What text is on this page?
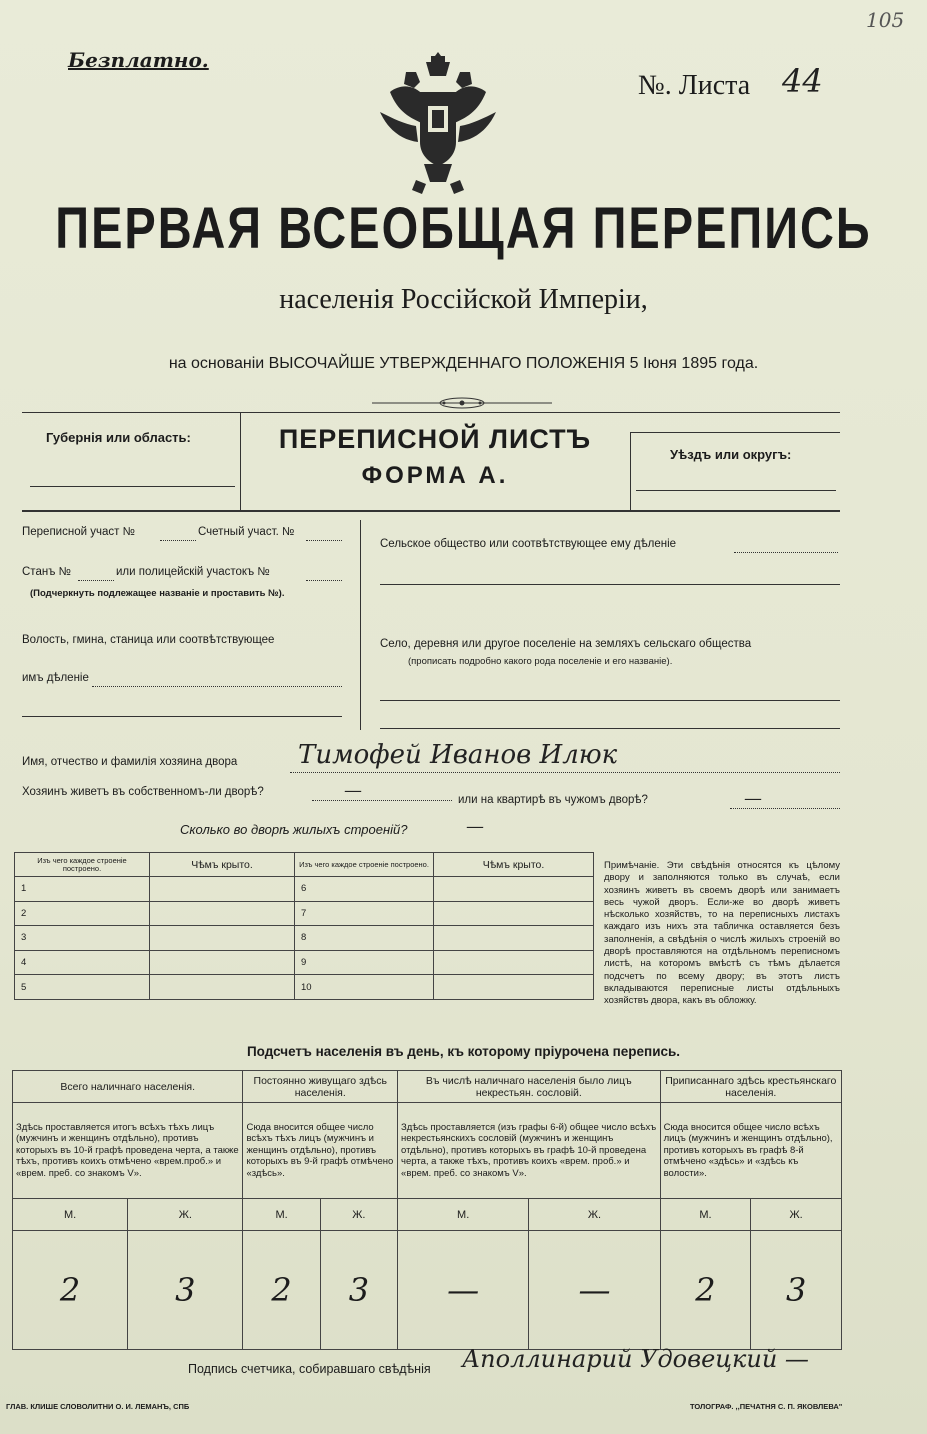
Безплатно.
105
№. Листа 44
ПЕРВАЯ ВСЕОБЩАЯ ПЕРЕПИСЬ
населенія Россійской Имперіи,
на основаніи ВЫСОЧАЙШЕ УТВЕРЖДЕННАГО ПОЛОЖЕНІЯ 5 Іюня 1895 года.
Губернія или область:	ПЕРЕПИСНОЙ ЛИСТЪ
ФОРМА А.
Уѣздъ или округъ:
Переписной участ №	Счетный участ. №
Станъ №	или полицейскій участокъ №
(Подчеркнуть подлежащее названіе и проставить №).
Волость, гмина, станица или соотвѣтствующее
имъ дѣленіе
Сельское общество или соотвѣтствующее ему дѣленіе
Село, деревня или другое поселеніе на земляхъ сельскаго общества
(прописать подробно какого рода поселеніе и его названіе).
Имя, отчество и фамилія хозяина двора Тимофей Иванов Илюк
Хозяинъ живетъ въ собственномъ-ли дворѣ?	—	или на квартирѣ въ чужомъ дворѣ?	—
Сколько во дворѣ жилыхъ строеній?	—
Изъ чего каждое строеніе построено.	Чѣмъ крыто.	Изъ чего каждое строеніе построено.	Чѣмъ крыто.
1		6	
2		7	
3		8	
4		9	
5		10	
Примѣчаніе. Эти свѣдѣнія относятся къ цѣлому двору и заполняются только въ случаѣ, если хозяинъ живетъ въ своемъ дворѣ или занимаетъ весь чужой дворъ. Если-же во дворѣ живетъ нѣсколько хозяйствъ, то на переписныхъ листахъ каждаго изъ нихъ эта табличка оставляется безъ заполненія, а свѣдѣнія о числѣ жилыхъ строеній во дворѣ проставляются на отдѣльномъ переписномъ листѣ, на которомъ вмѣстѣ съ тѣмъ дѣлается подсчетъ по всему двору; въ этотъ листъ вкладываются переписные листы отдѣльныхъ хозяйствъ двора, какъ въ обложку.
Подсчетъ населенія въ день, къ которому пріурочена перепись.
Всего наличнаго населенія.		Постоянно живущаго здѣсь населенія.		Въ числѣ наличнаго населенія было лицъ некрестьян. сословій.		Приписаннаго здѣсь крестьянскаго населенія.	
Здѣсь проставляется итогъ всѣхъ тѣхъ лицъ (мужчинъ и женщинъ отдѣльно), противъ которыхъ въ 10-й графѣ проведена черта, а также тѣхъ, противъ коихъ отмѣчено «врем.проб.» и «врем. преб. со знакомъ V».		Сюда вносится общее число всѣхъ тѣхъ лицъ (мужчинъ и женщинъ отдѣльно), противъ которыхъ въ 9-й графѣ отмѣчено «здѣсь».		Здѣсь проставляется (изъ графы 6-й) общее число всѣхъ некрестьянскихъ сословій (мужчинъ и женщинъ отдѣльно), противъ которыхъ въ графѣ 10-й проведена черта, а также тѣхъ, противъ коихъ «врем. проб.» и «врем. преб. со знакомъ V».		Сюда вносится общее число всѣхъ лицъ (мужчинъ и женщинъ отдѣльно), противъ которыхъ въ графѣ 8-й отмѣчено «здѣсь» и «здѣсь къ волости».	
М.	Ж.	М.	Ж.	М.	Ж.	М.	Ж.
2	3	2	3	—	—	2	3
Подпись счетчика, собиравшаго свѣдѣнія Аполлинарий Удовецкий —
ГЛАВ. КЛИШЕ СЛОВОЛИТНИ О. И. ЛЕМАНЪ, СПБ	ТОЛОГРАФ. ,,ПЕЧАТНЯ С. П. ЯКОВЛЕВА"
